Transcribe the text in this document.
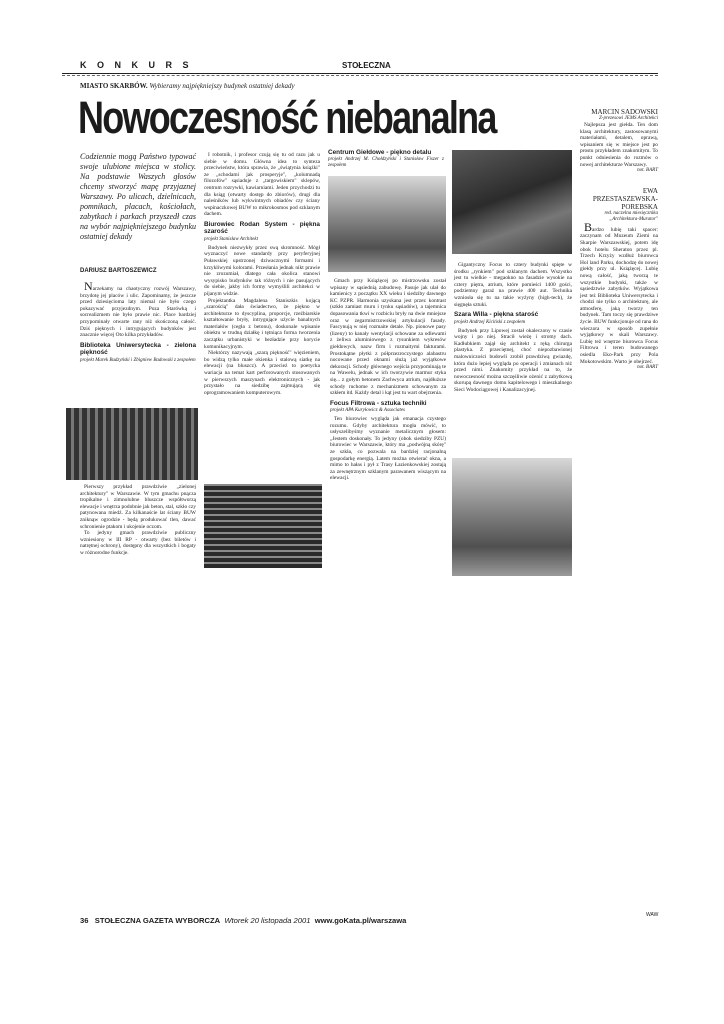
K O N K U R S	STOŁECZNA
MIASTO SKARBÓW. Wybieramy najpiękniejszy budynek ostatniej dekady
Nowoczesność niebanalna
Codziennie mogą Państwo typować swoje ulubione miejsca w stolicy. Na podstawie Waszych głosów chcemy stworzyć mapę przyjaznej Warszawy. Po ulicach, dzielnicach, pomnikach, placach, kościołach, zabytkach i parkach przyszedł czas na wybór najpiękniejszego budynku ostatniej dekady
DARIUSZ BARTOSZEWICZ

Narzekamy na chaotyczny rozwój Warszawy, brzydotę jej placów i ulic. Zapominamy, że jeszcze przed dziesięcioma laty niemal nie było czego pokazywać przyjezdnym. Poza Starówką i socrealizmem nie było prawie nic. Place bardziej przypominały otwarte rany niż skończoną całość. Dziś pięknych i intrygujących budynków jest znacznie więcej Oto kilka przykładów.

Biblioteka Uniwersytecka - zielona piękność
projekt Marek Budzyński i Zbigniew Badowski z zespołem

Pierwszy przykład prawdziwie „zielonej architektury" w Warszawie. W tym gmachu pnącza tropikalne i zimnolubne bluszcze współtworzą elewacje i wnętrza podobnie jak beton, stal, szkło czy patynowana miedź. Za kilkanaście lat ściany BUW zniknąw ogrodzie - będą produkować tlen, dawać schronienie ptakom i ukojenie oczom.

To jedyny gmach prawdziwie publiczny wzniesiony w III RP - otwarty (bez biletów i natrętnej ochrony), dostępny dla wszystkich i bogaty w różnorodne funkcje.

I robotnik, i profesor czują się tu od razu jak u siebie w domu. Główna idea to synteza przeciwieństw, która sprawia, że „świątynia książki" ze „schodami jak prosperyje", „kolumnadą filozofów" sąsiaduje z „targowiskiem" sklepów, centrum rozrywki, kawiarniami. Jeden przychodzi tu dla ksiąg (otwarty dostęp do zbiorów), drugi dla naleśników lub wykwintnych obiadów czy ściany wspinaczkowej BUW to mikrokosmos pod szklanym dachem.

Biurowiec Rodan System - piękna szarość
projekt Stanisław Architekt

Budynek niezwykły przez swą skromność. Mógł wyznaczyć nowe standardy przy peryferyjnej Puławskiej upstrzonej dziwacznymi formami i krzykliwymi kolorami. Przesłania jednak nikt prawie nie zrozumiał, dlatego cała okolica stanowi wysypisko budynków tak różnych i nie pasujących do siebie, jakby ich formy wymyślili architekci w pijanym widzie.

Projektantka Magdalena Staniszkis kojącą „szarością" dała świadectwo, że piękno w architekturze to dyscyplina, proporcje, rzeźbiarskie kształtowanie bryły, intrygujące użycie banalnych materiałów (cegła z betonu), doskonale wpisanie obiektu w trudną działkę i tętniąca forma tworzenia zaczątku urbanistyki w bezładzie przy korycie komunikacyjnym.

Niektórzy nazywają „szarą piękność" więzieniem, bo widzą tylko małe okienka i stalową siatkę na elewacji (na bluszcz). A przecież to poetycka wariacja na temat kart perforowanych stosowanych w pierwszych maszynach elektronicznych - jak przystało na siedzibę zajmującą się oprogramowaniem komputerowym.

Centrum Giełdowe - piękno detalu
projekt Andrzej M. Chołdzyński i Stanisław Fiszer z zespołem

Gmach przy Książęcej po mistrzowsku został wpisany w sąsiednią zabudowę. Pasuje jak ulał do kamienicy z początku XX wieku i siedziby dawnego KC PZPR. Harmonia uzyskana jest przez kontrast (szkło zamiast muru i tynku sąsiadów), a tajemnica dopasowania tkwi w rozbiciu bryły na dwie mniejsze oraz w zegarmistrzowskiej artykulacji fasady. Fascynują w niej rozmaite detale. Np. pionowe pasy (lizeny) to kanały wentylacji schowane za odlewami z żeliwa aluminiowego z rysunkiem wykresów giełdowych, nazw firm i rozmaitymi fakturami. Prostokątne płytki z półprzezroczystego alabastru nocowane przed oknami służą jaż wyjątkowe dekoracji. Schody głównego wejścia przypominają te na Wawelu, jednak w ich tworzywie marmur styka się... z gołym betonem Zachwyca atrium, najdłuższe schody ruchome z mechanizmem schowanym za szkłem itd. Każdy detal i kąt jest tu wart obejrzenia.

Focus Filtrowa - sztuka techniki
projekt APA Kuryłowicz & Associates

Ten biurowiec wygląda jak emanacja czystego rozumu. Gdyby architektura mogła mówić, to usłyszelibyśmy wyznanie metalicznym głosem: „Jestem doskonały. To jedyny (obok siedziby PZU) biurowiec w Warszawie, który ma „podwójną skórę" ze szkła, co pozwala na bardziej racjonalną gospodarkę energią. Latem można otwierać okna, a mimo to hałas i pył z Trasy Łazienkowskiej zostają za zewnętrznym szklanym parawanem wiszącym na elewacji.

Gigantyczny Focus to cztery budynki spięte w środku „rynkiem" pod szklanym dachem. Wszystko jest tu wielkie - megaokno na fasadzie wysokie na cztery piętra, atrium, które pomieści 1400 gości, podziemny garaż na prawie 400 aut. Technika wzniosła się tu na takie wyżyny (high-tech), że sięgnęła sztuki.

Szara Willa - piękna starość
projekt Andrzej Kiciński z zespołem

Budynek przy Lipowej został okaleczony w czasie wojny i po niej. Stracił wieżę i stromy dach. Kadłubkiem zajął się architekt z ręką chirurga plastyka. Z przeciętnej, choć niepozbawionej malowniczości budowli zrobił prawdziwą gwiazdę, która dużo lepiej wygląda po operacji i zmianach niż przed nimi. Znakomity przykład na to, że nowoczesność można szczęśliwie ożenić z zabytkową skorupą dawnego domu kapitelowego i mieszkalnego Sieci Wodociągowej i Kanalizacyjnej.

MARCIN SADOWSKI
Z-prezesowi JEMS Architekci

Najlepsza jest giełda. Ten dom klasą architektury, zastosowanymi materiałami, detalem, oprawą, wpisaniem się w miejsce jest po prostu przykładem znakomitym. To punkt odniesienia do rozmów o nowej architekturze Warszawy.

not. BART
EWA PRZESTASZEWSKA-POREBSKA
red. naczelna miesięcznika „Architektura-Murator"

Bardzo lubię taki spacer: zaczynam od Muzeum Ziemi na Skarpie Warszawskiej, potem idę obok hotelu Sheraton przez pl. Trzech Krzyży wzdłuż biurowca Hol land Parku, dochodzę do nowej giełdy przy ul. Książęcej. Lubię nową całość, jaką tworzą te wszystkie budynki, także w sąsiedztwie zabytków. Wyjątkowa jest też Biblioteka Uniwersytecka i chodzi nie tylko o architekturę, ale atmosferę, jaką tworzy ten budynek. Tam toczy się prawdziwe życie. BUW funkcjonuje od rana do wieczora w sposób zupełnie wyjątkowy w skali Warszawy. Lubię też wnętrze biurowca Focus Filtrowa i teren budowanego osiedla Eko-Park przy Pola Mokotowskim. Warto je obejrzeć.

not. BART
36 STOŁECZNA GAZETA WYBORCZA Wtorek 20 listopada 2001 www.goKata.pl/warszawa
WAW
